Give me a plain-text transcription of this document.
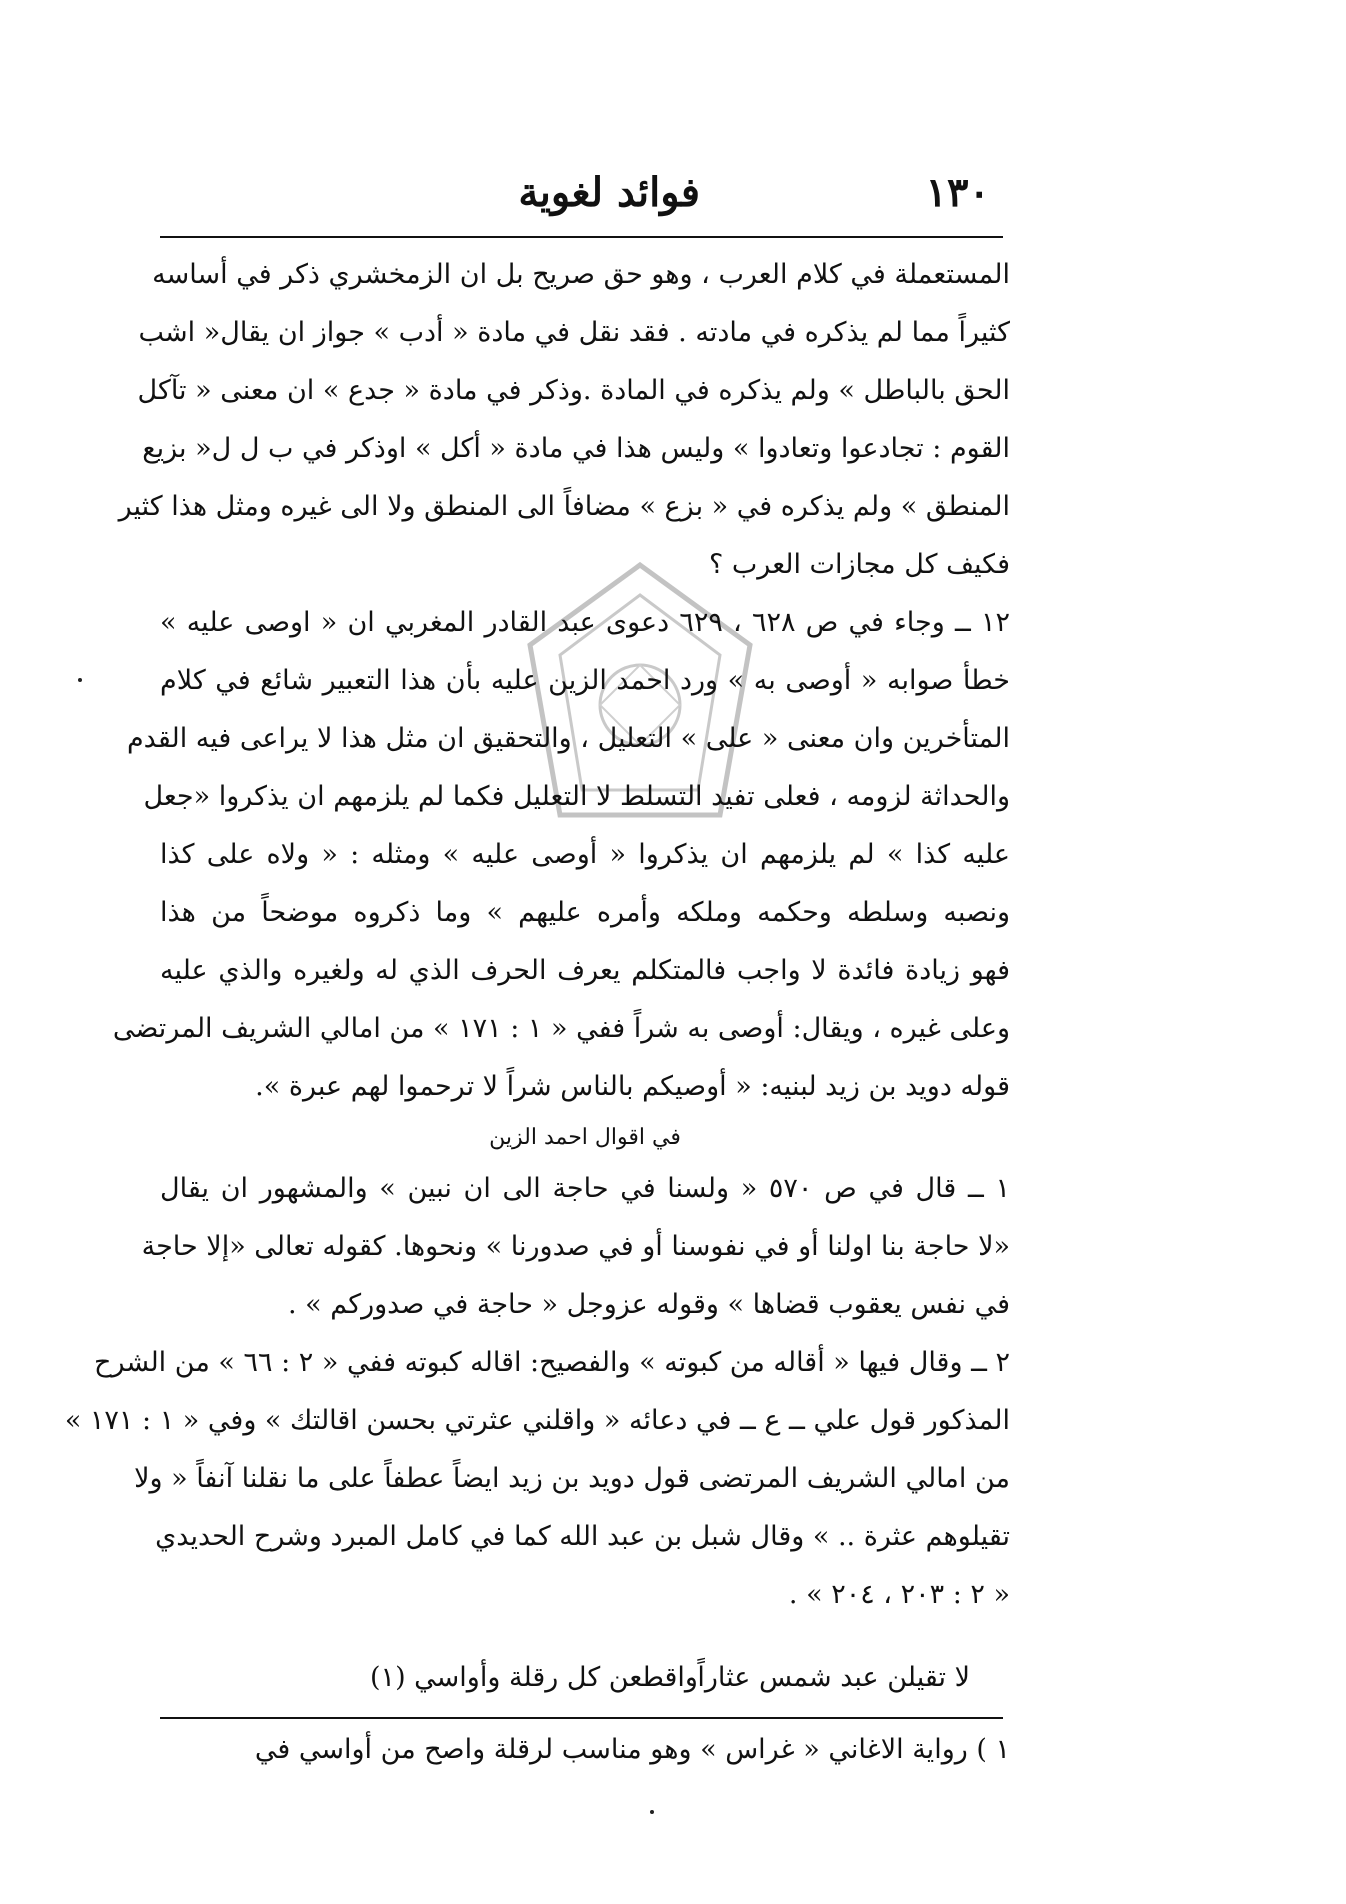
١٣٠
فوائد لغوية
المستعملة في كلام العرب ، وهو حق صريح بل ان الزمخشري ذكر في أساسه
كثيراً مما لم يذكره في مادته . فقد نقل في مادة « أدب » جواز ان يقال« اشب
الحق بالباطل » ولم يذكره في المادة .وذكر في مادة « جدع » ان معنى « تآكل
القوم : تجادعوا وتعادوا » وليس هذا في مادة « أكل » اوذكر في ب ل ل« بزيع
المنطق » ولم يذكره في « بزع » مضافاً الى المنطق ولا الى غيره ومثل هذا كثير
فكيف كل مجازات العرب ؟
١٢ ــ وجاء في ص ٦٢٨ ، ٦٢٩ دعوى عبد القادر المغربي ان « اوصى عليه »
خطأ صوابه « أوصى به » ورد احمد الزين عليه بأن هذا التعبير شائع في كلام
المتأخرين وان معنى « على » التعليل ، والتحقيق ان مثل هذا لا يراعى فيه القدم
والحداثة لزومه ، فعلى تفيد التسلط لا التعليل فكما لم يلزمهم ان يذكروا «جعل
عليه كذا » لم يلزمهم ان يذكروا « أوصى عليه » ومثله : « ولاه على كذا
ونصبه وسلطه وحكمه وملكه وأمره عليهم » وما ذكروه موضحاً من هذا
فهو زيادة فائدة لا واجب فالمتكلم يعرف الحرف الذي له ولغيره والذي عليه
وعلى غيره ، ويقال: أوصى به شراً ففي « ١ : ١٧١ » من امالي الشريف المرتضى
قوله دويد بن زيد لبنيه: « أوصيكم بالناس شراً لا ترحموا لهم عبرة ».
في اقوال احمد الزين
١ ــ قال في ص ٥٧٠ « ولسنا في حاجة الى ان نبين » والمشهور ان يقال
«لا حاجة بنا اولنا أو في نفوسنا أو في صدورنا » ونحوها. كقوله تعالى «إلا حاجة
في نفس يعقوب قضاها » وقوله عزوجل « حاجة في صدوركم » .
٢ ــ وقال فيها « أقاله من كبوته » والفصيح: اقاله كبوته ففي « ٢ : ٦٦ » من الشرح
المذكور قول علي ــ ع ــ في دعائه « واقلني عثرتي بحسن اقالتك » وفي « ١ : ١٧١ »
من امالي الشريف المرتضى قول دويد بن زيد ايضاً عطفاً على ما نقلنا آنفاً « ولا
تقيلوهم عثرة .. » وقال شبل بن عبد الله كما في كامل المبرد وشرح الحديدي
« ٢ : ٢٠٣ ، ٢٠٤ » .
لا تقيلن عبد شمس عثاراً
واقطعن كل رقلة وأواسي (١)
١ ) رواية الاغاني « غراس » وهو مناسب لرقلة واصح من أواسي في
